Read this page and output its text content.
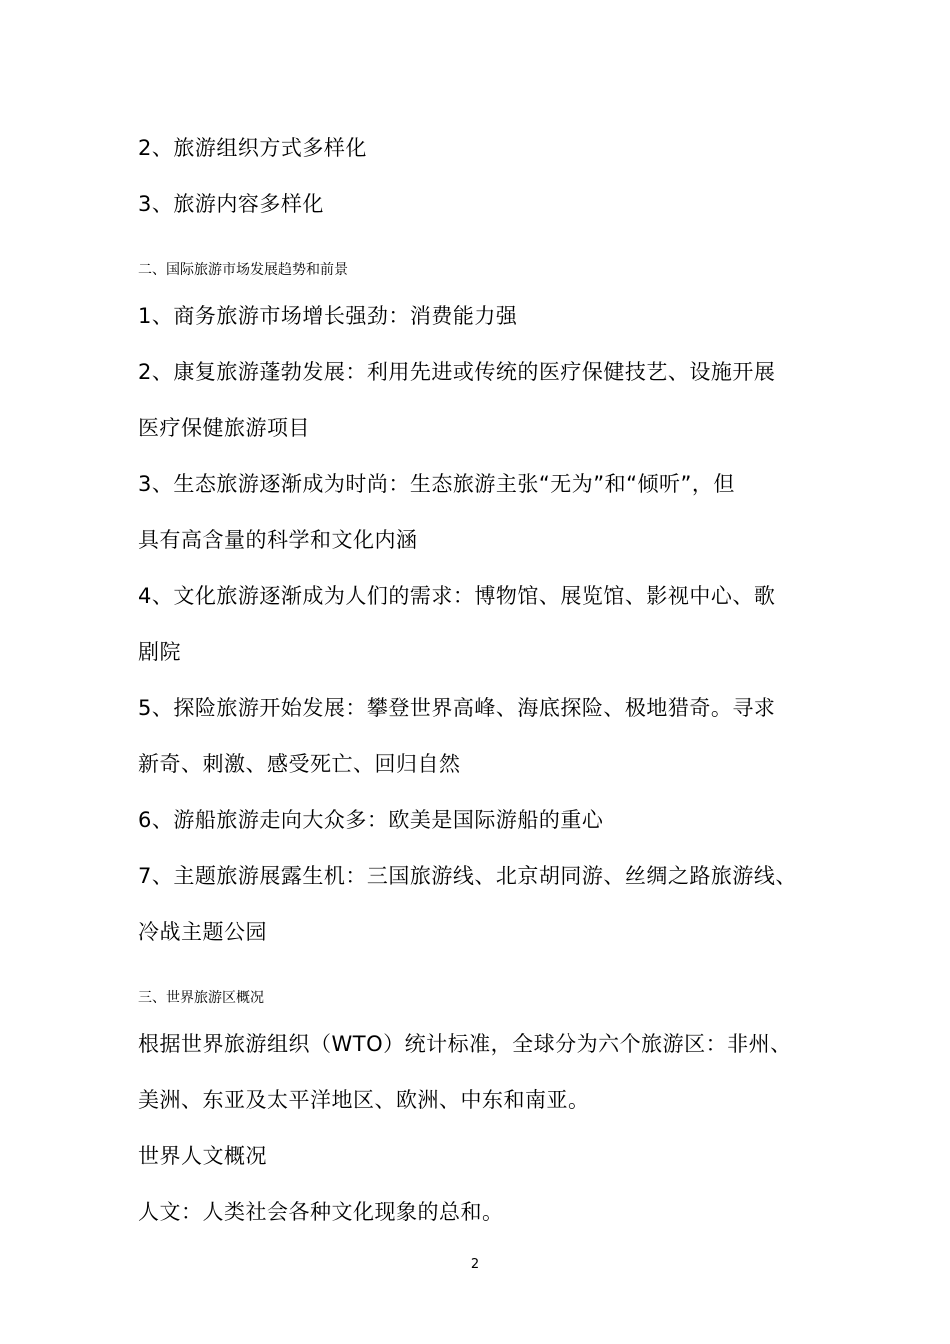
2、旅游组织方式多样化
3、旅游内容多样化
二、国际旅游市场发展趋势和前景
1、商务旅游市场增长强劲：消费能力强
2、康复旅游蓬勃发展：利用先进或传统的医疗保健技艺、设施开展
医疗保健旅游项目
3、生态旅游逐渐成为时尚：生态旅游主张“无为”和“倾听”，但
具有高含量的科学和文化内涵
4、文化旅游逐渐成为人们的需求：博物馆、展览馆、影视中心、歌
剧院
5、探险旅游开始发展：攀登世界高峰、海底探险、极地猎奇。寻求
新奇、刺激、感受死亡、回归自然
6、游船旅游走向大众多：欧美是国际游船的重心
7、主题旅游展露生机：三国旅游线、北京胡同游、丝绸之路旅游线、
冷战主题公园
三、世界旅游区概况
根据世界旅游组织（WTO）统计标准，全球分为六个旅游区：非州、
美洲、东亚及太平洋地区、欧洲、中东和南亚。
世界人文概况
人文：人类社会各种文化现象的总和。
2
